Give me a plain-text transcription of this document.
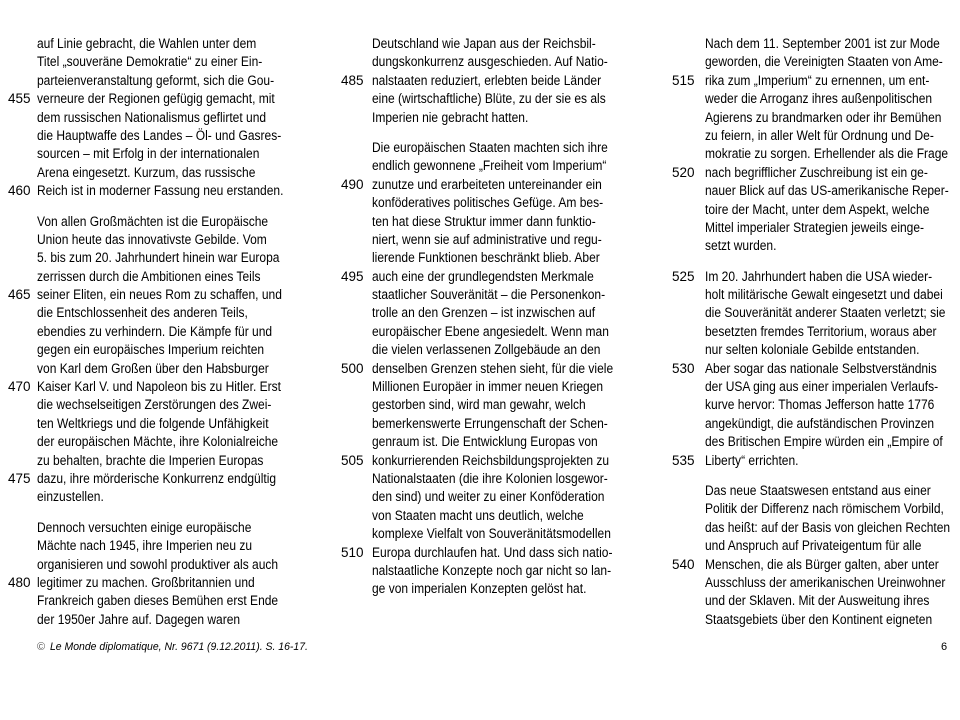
auf Linie gebracht, die Wahlen unter dem
Titel „souveräne Demokratie“ zu einer Ein-
parteienveranstaltung geformt, sich die Gou-
455 verneure der Regionen gefügig gemacht, mit
dem russischen Nationalismus geflirtet und
die Hauptwaffe des Landes – Öl- und Gasres-
sourcen – mit Erfolg in der internationalen
Arena eingesetzt. Kurzum, das russische
460 Reich ist in moderner Fassung neu erstanden.
Von allen Großmächten ist die Europäische
Union heute das innovativste Gebilde. Vom
5. bis zum 20. Jahrhundert hinein war Europa
zerrissen durch die Ambitionen eines Teils
465 seiner Eliten, ein neues Rom zu schaffen, und
die Entschlossenheit des anderen Teils,
ebendies zu verhindern. Die Kämpfe für und
gegen ein europäisches Imperium reichten
von Karl dem Großen über den Habsburger
470 Kaiser Karl V. und Napoleon bis zu Hitler. Erst
die wechselseitigen Zerstörungen des Zwei-
ten Weltkriegs und die folgende Unfähigkeit
der europäischen Mächte, ihre Kolonialreiche
zu behalten, brachte die Imperien Europas
475 dazu, ihre mörderische Konkurrenz endgültig
einzustellen.
Dennoch versuchten einige europäische
Mächte nach 1945, ihre Imperien neu zu
organisieren und sowohl produktiver als auch
480 legitimer zu machen. Großbritannien und
Frankreich gaben dieses Bemühen erst Ende
der 1950er Jahre auf. Dagegen waren
Deutschland wie Japan aus der Reichsbil-
dungskonkurrenz ausgeschieden. Auf Natio-
485 nalstaaten reduziert, erlebten beide Länder
eine (wirtschaftliche) Blüte, zu der sie es als
Imperien nie gebracht hatten.
Die europäischen Staaten machten sich ihre
endlich gewonnene „Freiheit vom Imperium“
490 zunutze und erarbeiteten untereinander ein
konföderatives politisches Gefüge. Am bes-
ten hat diese Struktur immer dann funktio-
niert, wenn sie auf administrative und regu-
lierende Funktionen beschränkt blieb. Aber
495 auch eine der grundlegendsten Merkmale
staatlicher Souveränität – die Personenkon-
trolle an den Grenzen – ist inzwischen auf
europäischer Ebene angesiedelt. Wenn man
die vielen verlassenen Zollgebäude an den
500 denselben Grenzen stehen sieht, für die viele
Millionen Europäer in immer neuen Kriegen
gestorben sind, wird man gewahr, welch
bemerkenswerte Errungenschaft der Schen-
genraum ist. Die Entwicklung Europas von
505 konkurrierenden Reichsbildungsprojekten zu
Nationalstaaten (die ihre Kolonien losgewor-
den sind) und weiter zu einer Konföderation
von Staaten macht uns deutlich, welche
komplexe Vielfalt von Souveränitätsmodellen
510 Europa durchlaufen hat. Und dass sich natio-
nalstaatliche Konzepte noch gar nicht so lan-
ge von imperialen Konzepten gelöst hat.
Nach dem 11. September 2001 ist zur Mode
geworden, die Vereinigten Staaten von Ame-
515 rika zum „Imperium“ zu ernennen, um ent-
weder die Arroganz ihres außenpolitischen
Agierens zu brandmarken oder ihr Bemühen
zu feiern, in aller Welt für Ordnung und De-
mokratie zu sorgen. Erhellender als die Frage
520 nach begrifflicher Zuschreibung ist ein ge-
nauer Blick auf das US-amerikanische Reper-
toire der Macht, unter dem Aspekt, welche
Mittel imperialer Strategien jeweils einge-
setzt wurden.
525 Im 20. Jahrhundert haben die USA wieder-
holt militärische Gewalt eingesetzt und dabei
die Souveränität anderer Staaten verletzt; sie
besetzten fremdes Territorium, woraus aber
nur selten koloniale Gebilde entstanden.
530 Aber sogar das nationale Selbstverständnis
der USA ging aus einer imperialen Verlaufs-
kurve hervor: Thomas Jefferson hatte 1776
angekündigt, die aufständischen Provinzen
des Britischen Empire würden ein „Empire of
535 Liberty“ errichten.
Das neue Staatswesen entstand aus einer
Politik der Differenz nach römischem Vorbild,
das heißt: auf der Basis von gleichen Rechten
und Anspruch auf Privateigentum für alle
540 Menschen, die als Bürger galten, aber unter
Ausschluss der amerikanischen Ureinwohner
und der Sklaven. Mit der Ausweitung ihres
Staatsgebiets über den Kontinent eigneten
© Le Monde diplomatique, Nr. 9671 (9.12.2011). S. 16-17.	6
